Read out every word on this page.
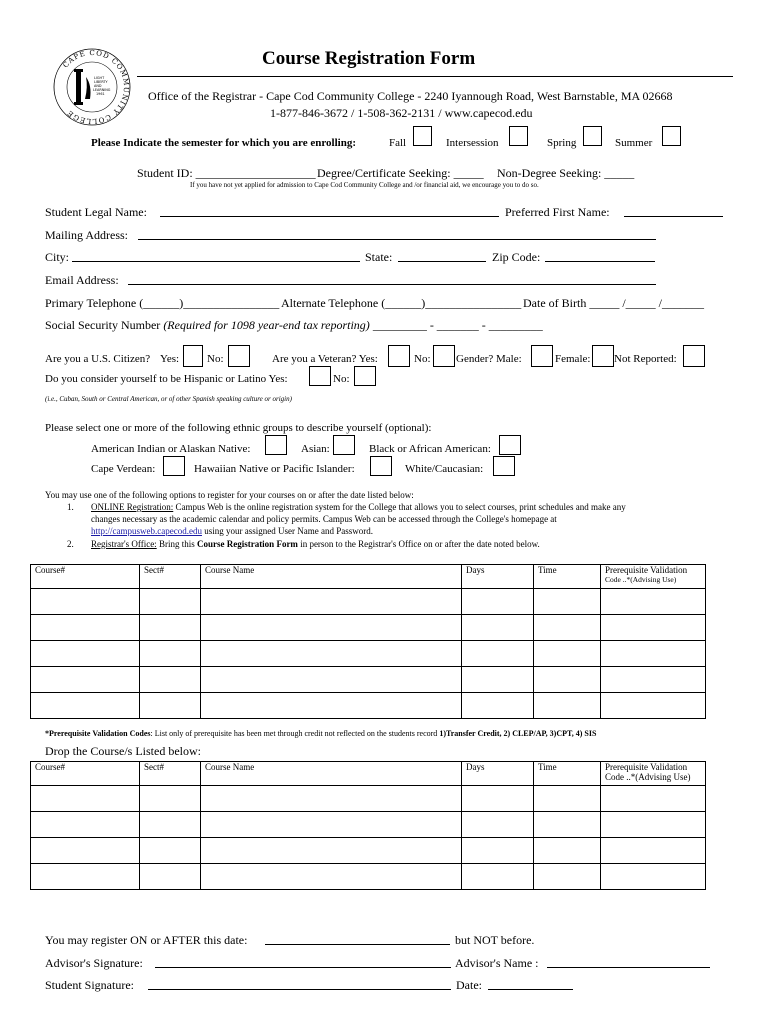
CAPE COD COMMUNITY COLLEGE
LIGHT
LIBERTY
AND
LEARNING
1961
Course Registration Form
Office of the Registrar - Cape Cod Community College - 2240 Iyannough Road, West Barnstable, MA 02668
1-877-846-3672 / 1-508-362-2131 / www.capecod.edu
Please Indicate the semester for which you are enrolling:	Fall	Intersession	Spring	Summer
Student ID: ____________________ Degree/Certificate Seeking: _____ Non-Degree Seeking: _____
If you have not yet applied for admission to Cape Cod Community College and /or financial aid, we encourage you to do so.
Student Legal Name:	Preferred First Name:
Mailing Address:
City:	State:	Zip Code:
Email Address:
Primary Telephone (______)________________ Alternate Telephone (______)________________ Date of Birth _____ /_____ /_______
Social Security Number (Required for 1098 year-end tax reporting) _________ - _______ - _________
Are you a U.S. Citizen? Yes:	No:	Are you a Veteran? Yes:	No: Gender? Male:	Female: Not Reported:
Do you consider yourself to be Hispanic or Latino Yes:	No:
(i.e., Cuban, South or Central American, or of other Spanish speaking culture or origin)
Please select one or more of the following ethnic groups to describe yourself (optional):
American Indian or Alaskan Native:	Asian:	Black or African American:
Cape Verdean:	Hawaiian Native or Pacific Islander:	White/Caucasian:
You may use one of the following options to register for your courses on or after the date listed below:
1. ONLINE Registration: Campus Web is the online registration system for the College that allows you to select courses, print schedules and make any
changes necessary as the academic calendar and policy permits. Campus Web can be accessed through the College's homepage at
http://campusweb.capecod.edu using your assigned User Name and Password.
2. Registrar's Office: Bring this Course Registration Form in person to the Registrar's Office on or after the date noted below.
Course#	Sect#	Course Name	Days	Time	Prerequisite Validation
Code ..*(Advising Use)

*Prerequisite Validation Codes: List only of prerequisite has been met through credit not reflected on the students record 1)Transfer Credit, 2) CLEP/AP, 3)CPT, 4) SIS
Drop the Course/s Listed below:
Course#	Sect#	Course Name	Days	Time	Prerequisite Validation
Code ..*(Advising Use)

You may register ON or AFTER this date:	but NOT before.
Advisor's Signature:	Advisor's Name :
Student Signature:	Date:
